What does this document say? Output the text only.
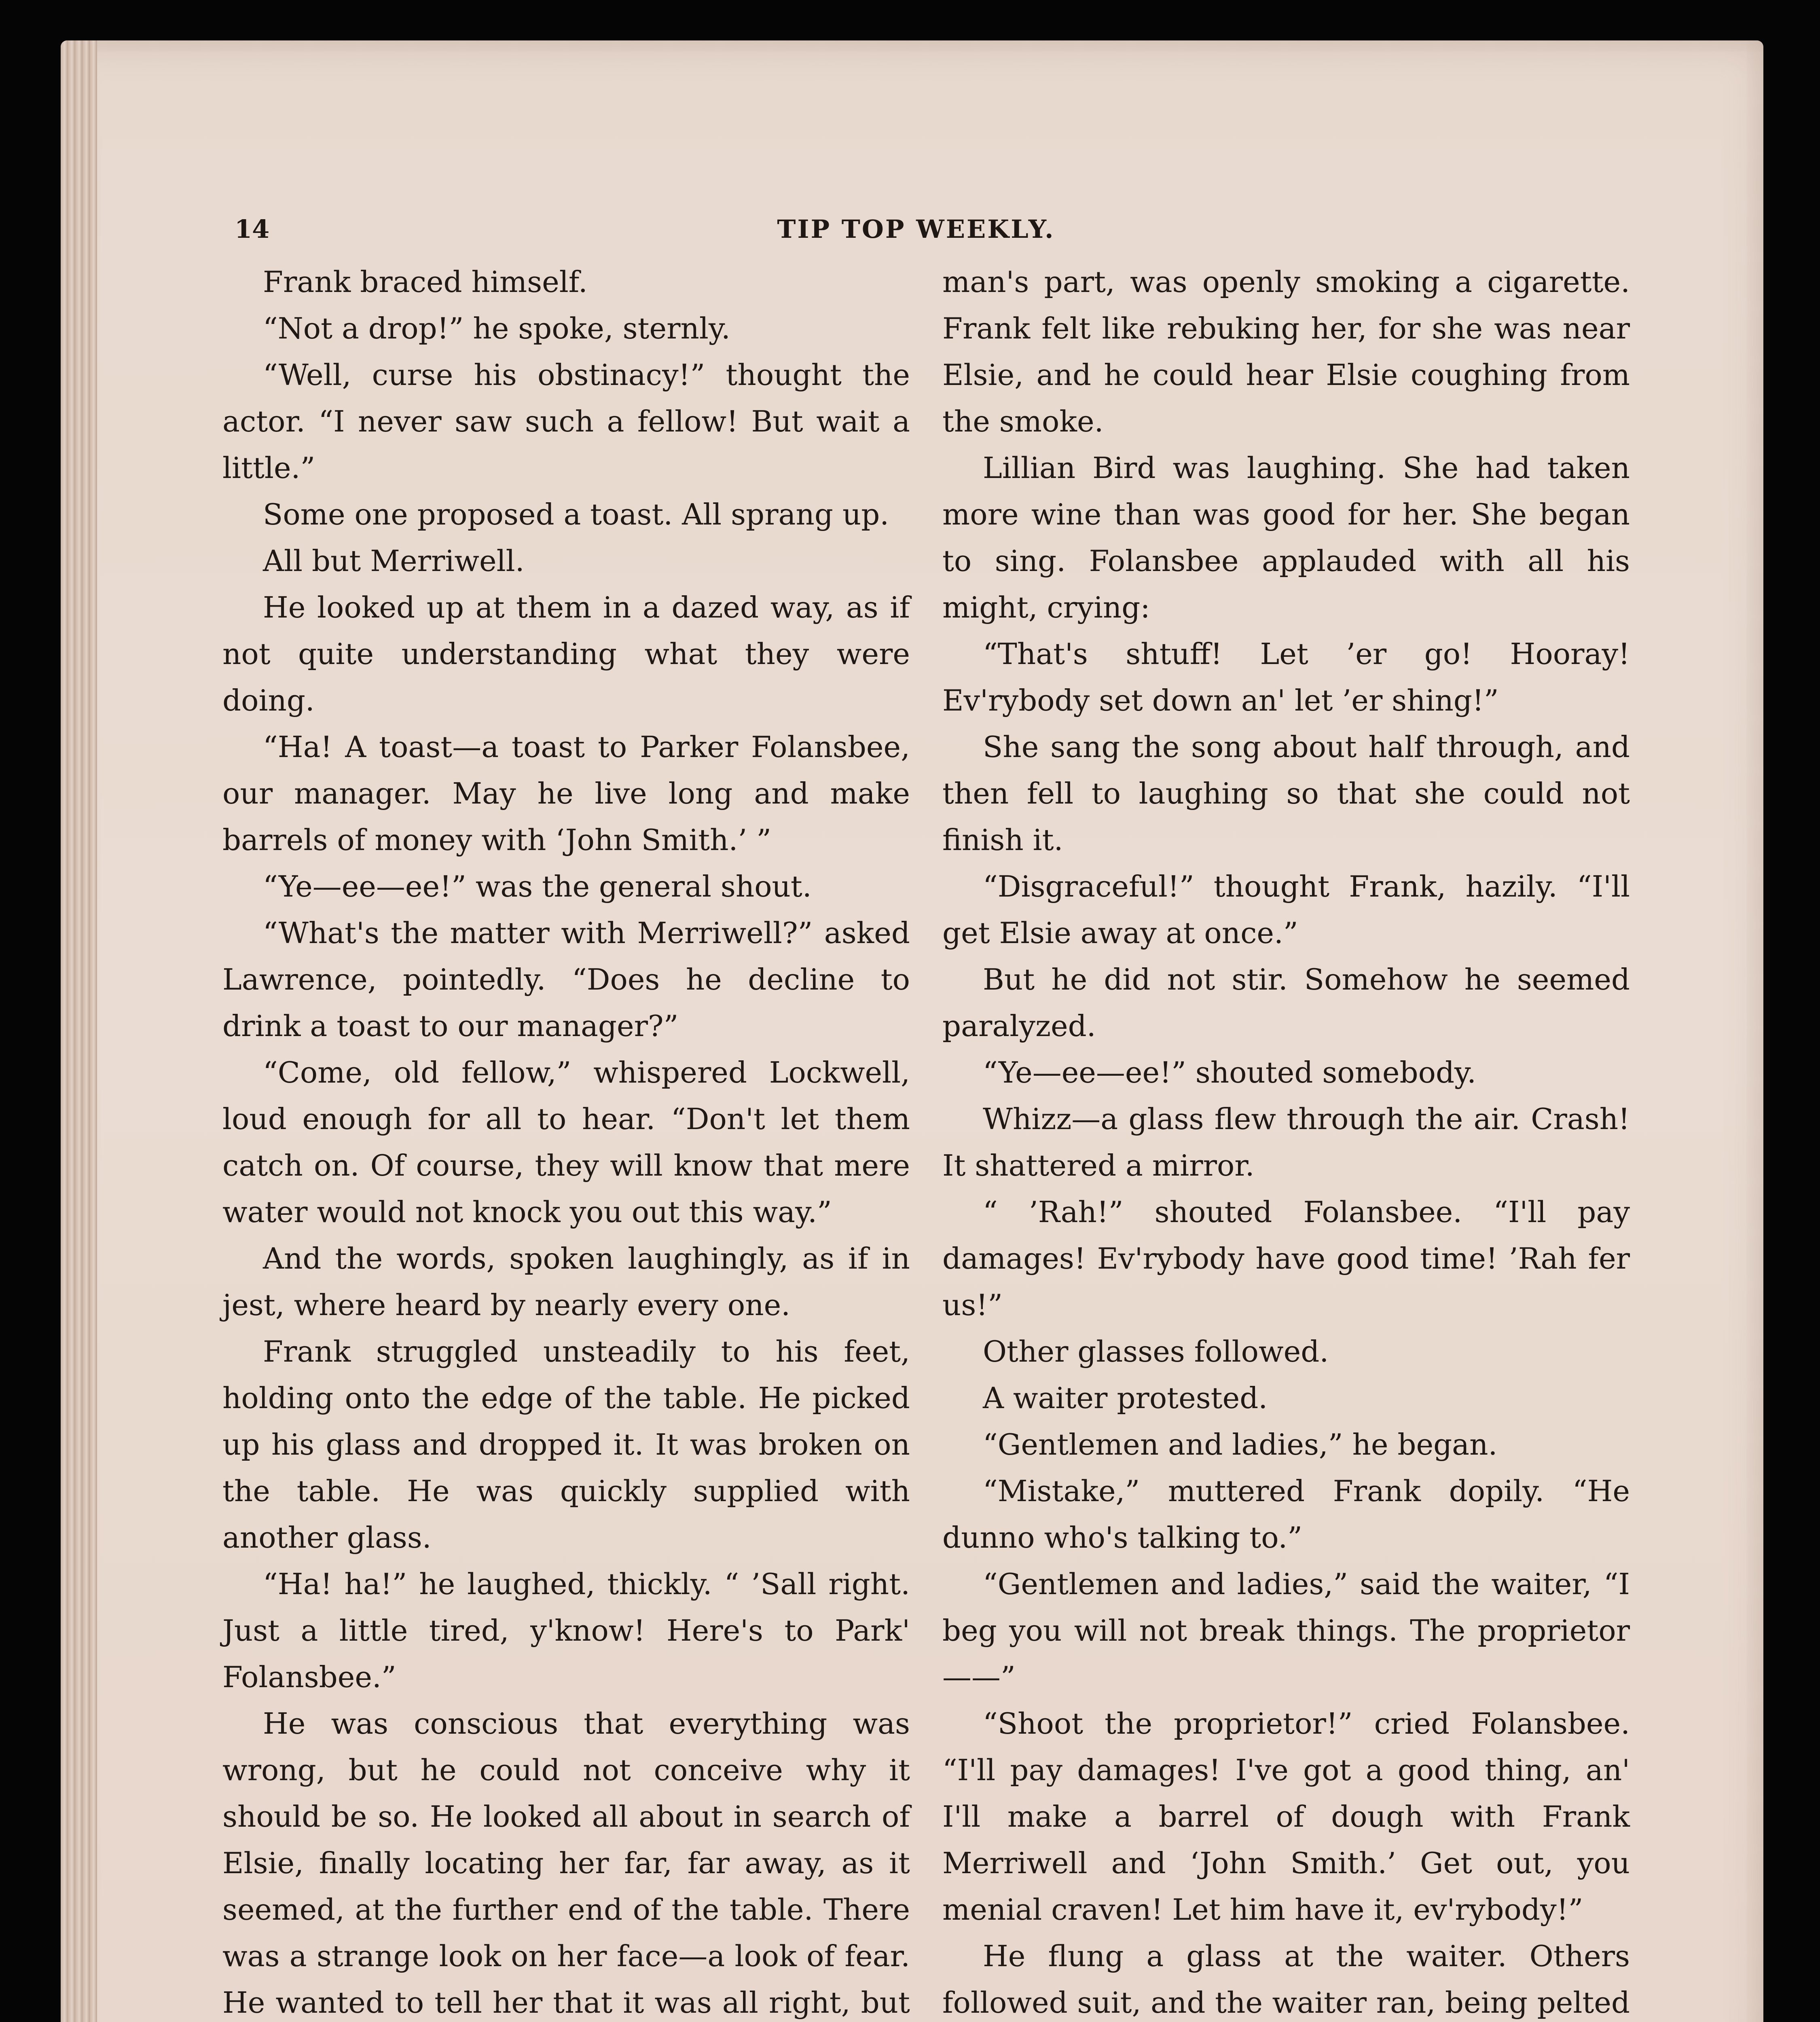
14	TIP TOP WEEKLY.

Frank braced himself.

“Not a drop!” he spoke, sternly.

“Well, curse his obstinacy!” thought the actor. “I never saw such a fellow! But wait a little.”

Some one proposed a toast. All sprang up.

All but Merriwell.

He looked up at them in a dazed way, as if not quite understanding what they were doing.

“Ha! A toast—a toast to Parker Folansbee, our manager. May he live long and make barrels of money with ‘John Smith.’ ”

“Ye—ee—ee!” was the general shout.

“What's the matter with Merriwell?” asked Lawrence, pointedly. “Does he decline to drink a toast to our manager?”

“Come, old fellow,” whispered Lockwell, loud enough for all to hear. “Don't let them catch on. Of course, they will know that mere water would not knock you out this way.”

And the words, spoken laughingly, as if in jest, where heard by nearly every one.

Frank struggled unsteadily to his feet, holding onto the edge of the table. He picked up his glass and dropped it. It was broken on the table. He was quickly supplied with another glass.

“Ha! ha!” he laughed, thickly. “ ’Sall right. Just a little tired, y'know! Here's to Park' Folansbee.”

He was conscious that everything was wrong, but he could not conceive why it should be so. He looked all about in search of Elsie, finally locating her far, far away, as it seemed, at the further end of the table. There was a strange look on her face—a look of fear. He wanted to tell her that it was all right, but

man's part, was openly smoking a cigarette. Frank felt like rebuking her, for she was near Elsie, and he could hear Elsie coughing from the smoke.

Lillian Bird was laughing. She had taken more wine than was good for her. She began to sing. Folansbee applauded with all his might, crying:

“That's shtuff! Let ’er go! Hooray! Ev'rybody set down an' let ’er shing!”

She sang the song about half through, and then fell to laughing so that she could not finish it.

“Disgraceful!” thought Frank, hazily. “I'll get Elsie away at once.”

But he did not stir. Somehow he seemed paralyzed.

“Ye—ee—ee!” shouted somebody.

Whizz—a glass flew through the air. Crash! It shattered a mirror.

“ ’Rah!” shouted Folansbee. “I'll pay damages! Ev'rybody have good time! ’Rah fer us!”

Other glasses followed.

A waiter protested.

“Gentlemen and ladies,” he began.

“Mistake,” muttered Frank dopily. “He dunno who's talking to.”

“Gentlemen and ladies,” said the waiter, “I beg you will not break things. The proprietor——”

“Shoot the proprietor!” cried Folansbee. “I'll pay damages! I've got a good thing, an' I'll make a barrel of dough with Frank Merriwell and ‘John Smith.’ Get out, you menial craven! Let him have it, ev'rybody!”

He flung a glass at the waiter. Others followed suit, and the waiter ran, being pelted
